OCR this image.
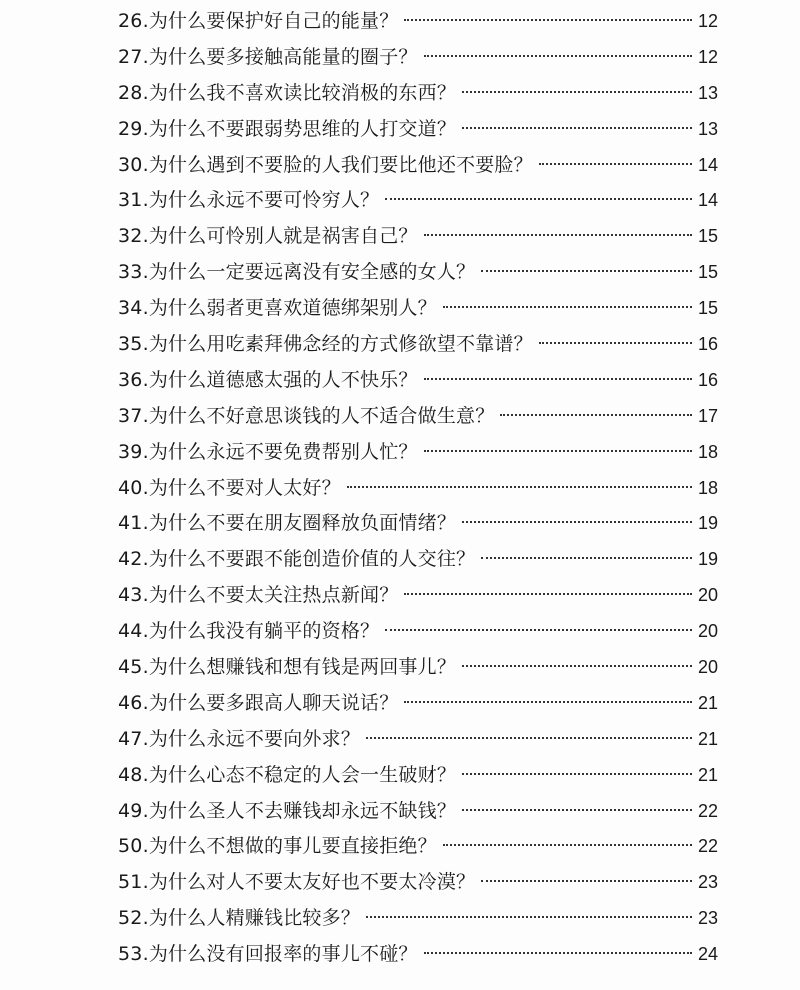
26.为什么要保护好自己的能量？	12
27.为什么要多接触高能量的圈子？	12
28.为什么我不喜欢读比较消极的东西？	13
29.为什么不要跟弱势思维的人打交道？	13
30.为什么遇到不要脸的人我们要比他还不要脸？	14
31.为什么永远不要可怜穷人？	14
32.为什么可怜别人就是祸害自己？	15
33.为什么一定要远离没有安全感的女人？	15
34.为什么弱者更喜欢道德绑架别人？	15
35.为什么用吃素拜佛念经的方式修欲望不靠谱？	16
36.为什么道德感太强的人不快乐？	16
37.为什么不好意思谈钱的人不适合做生意？	17
39.为什么永远不要免费帮别人忙？	18
40.为什么不要对人太好？	18
41.为什么不要在朋友圈释放负面情绪？	19
42.为什么不要跟不能创造价值的人交往？	19
43.为什么不要太关注热点新闻？	20
44.为什么我没有躺平的资格？	20
45.为什么想赚钱和想有钱是两回事儿？	20
46.为什么要多跟高人聊天说话？	21
47.为什么永远不要向外求？	21
48.为什么心态不稳定的人会一生破财？	21
49.为什么圣人不去赚钱却永远不缺钱？	22
50.为什么不想做的事儿要直接拒绝？	22
51.为什么对人不要太友好也不要太冷漠？	23
52.为什么人精赚钱比较多？	23
53.为什么没有回报率的事儿不碰？	24
